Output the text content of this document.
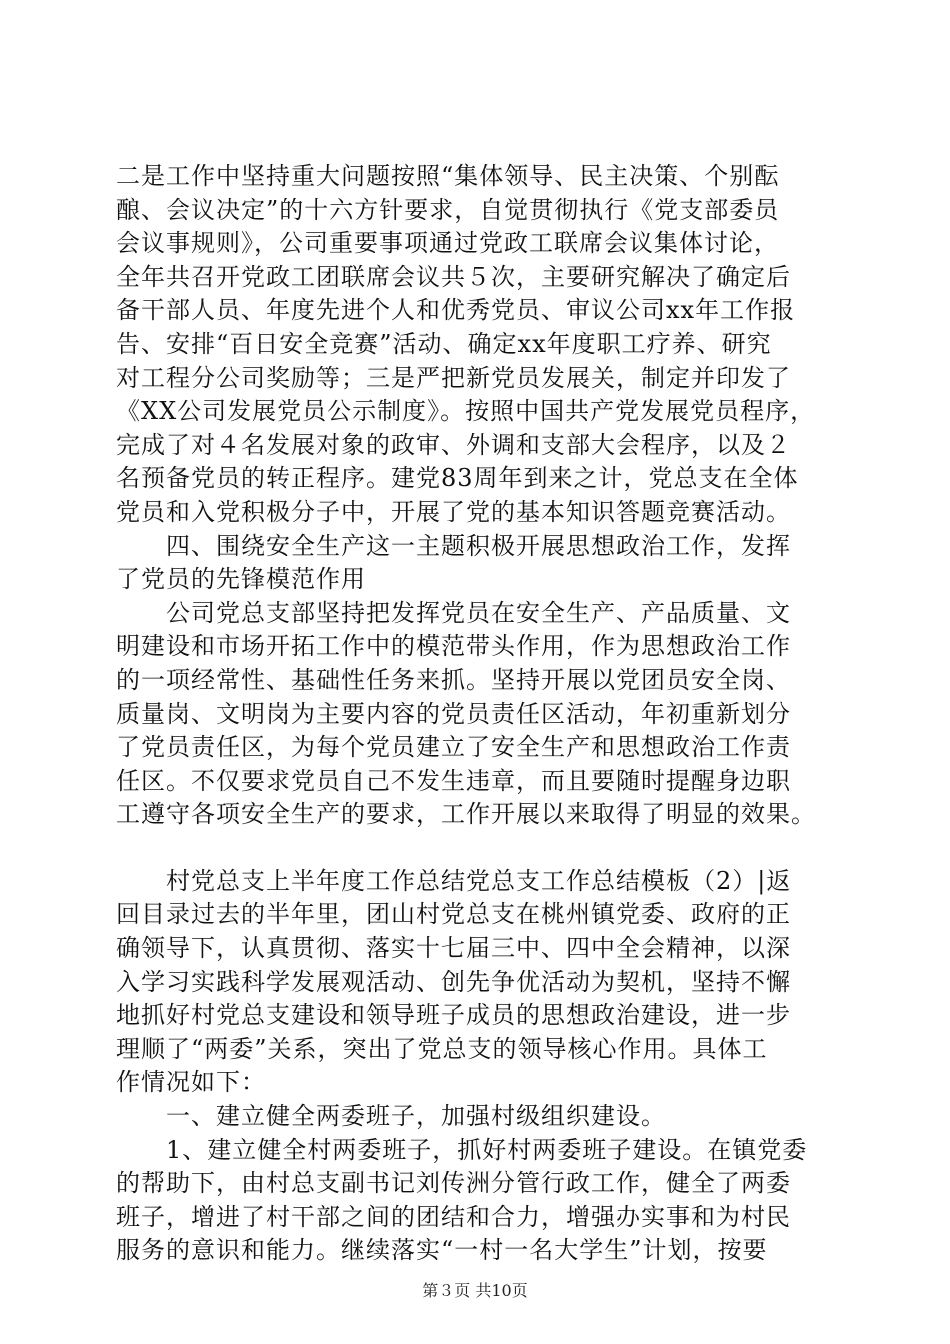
二是工作中坚持重大问题按照“集体领导、民主决策、个别酝
酿、会议决定”的十六方针要求，自觉贯彻执行《党支部委员
会议事规则》，公司重要事项通过党政工联席会议集体讨论，
全年共召开党政工团联席会议共５次，主要研究解决了确定后
备干部人员、年度先进个人和优秀党员、审议公司xx年工作报
告、安排“百日安全竞赛”活动、确定xx年度职工疗养、研究
对工程分公司奖励等；三是严把新党员发展关，制定并印发了
《XX公司发展党员公示制度》。按照中国共产党发展党员程序，
完成了对４名发展对象的政审、外调和支部大会程序，以及２
名预备党员的转正程序。建党83周年到来之计，党总支在全体
党员和入党积极分子中，开展了党的基本知识答题竞赛活动。
　　四、围绕安全生产这一主题积极开展思想政治工作，发挥
了党员的先锋模范作用
　　公司党总支部坚持把发挥党员在安全生产、产品质量、文
明建设和市场开拓工作中的模范带头作用，作为思想政治工作
的一项经常性、基础性任务来抓。坚持开展以党团员安全岗、
质量岗、文明岗为主要内容的党员责任区活动，年初重新划分
了党员责任区，为每个党员建立了安全生产和思想政治工作责
任区。不仅要求党员自己不发生违章，而且要随时提醒身边职
工遵守各项安全生产的要求，工作开展以来取得了明显的效果。
　　村党总支上半年度工作总结党总支工作总结模板（2）|返
回目录过去的半年里，团山村党总支在桃州镇党委、政府的正
确领导下，认真贯彻、落实十七届三中、四中全会精神，以深
入学习实践科学发展观活动、创先争优活动为契机，坚持不懈
地抓好村党总支建设和领导班子成员的思想政治建设，进一步
理顺了“两委”关系，突出了党总支的领导核心作用。具体工
作情况如下：
　　一、建立健全两委班子，加强村级组织建设。
　　1、建立健全村两委班子，抓好村两委班子建设。在镇党委
的帮助下，由村总支副书记刘传洲分管行政工作，健全了两委
班子，增进了村干部之间的团结和合力，增强办实事和为村民
服务的意识和能力。继续落实“一村一名大学生”计划，按要
第３页 共10页
